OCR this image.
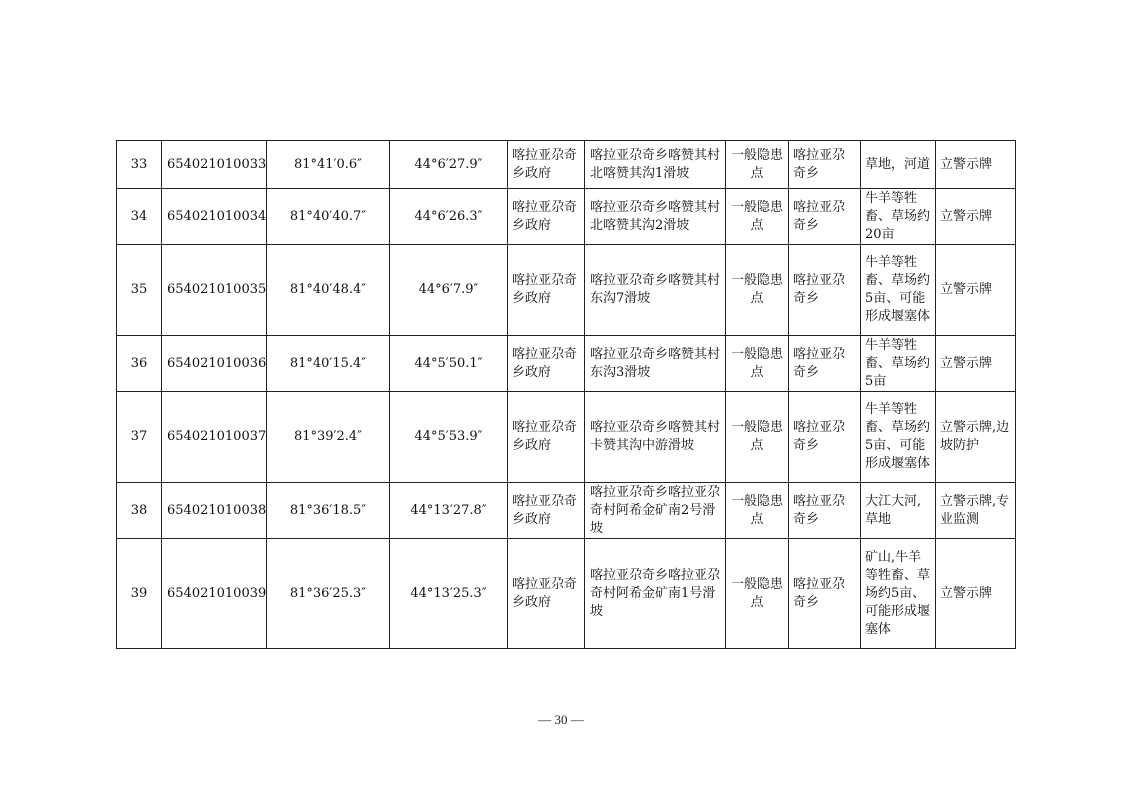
33	654021010033	81°41′0.6″	44°6′27.9″	喀拉亚尕奇乡政府	喀拉亚尕奇乡喀赞其村北喀赞其沟1滑坡	一般隐患点	喀拉亚尕奇乡	草地，河道	立警示牌
34	654021010034	81°40′40.7″	44°6′26.3″	喀拉亚尕奇乡政府	喀拉亚尕奇乡喀赞其村北喀赞其沟2滑坡	一般隐患点	喀拉亚尕奇乡	牛羊等牲畜、草场约20亩	立警示牌
35	654021010035	81°40′48.4″	44°6′7.9″	喀拉亚尕奇乡政府	喀拉亚尕奇乡喀赞其村东沟7滑坡	一般隐患点	喀拉亚尕奇乡	牛羊等牲畜、草场约5亩、可能形成堰塞体	立警示牌
36	654021010036	81°40′15.4″	44°5′50.1″	喀拉亚尕奇乡政府	喀拉亚尕奇乡喀赞其村东沟3滑坡	一般隐患点	喀拉亚尕奇乡	牛羊等牲畜、草场约5亩	立警示牌
37	654021010037	81°39′2.4″	44°5′53.9″	喀拉亚尕奇乡政府	喀拉亚尕奇乡喀赞其村卡赞其沟中游滑坡	一般隐患点	喀拉亚尕奇乡	牛羊等牲畜、草场约5亩、可能形成堰塞体	立警示牌,边坡防护
38	654021010038	81°36′18.5″	44°13′27.8″	喀拉亚尕奇乡政府	喀拉亚尕奇乡喀拉亚尕奇村阿希金矿南2号滑坡	一般隐患点	喀拉亚尕奇乡	大江大河,草地	立警示牌,专业监测
39	654021010039	81°36′25.3″	44°13′25.3″	喀拉亚尕奇乡政府	喀拉亚尕奇乡喀拉亚尕奇村阿希金矿南1号滑坡	一般隐患点	喀拉亚尕奇乡	矿山,牛羊等牲畜、草场约5亩、可能形成堰塞体	立警示牌
— 30 —
